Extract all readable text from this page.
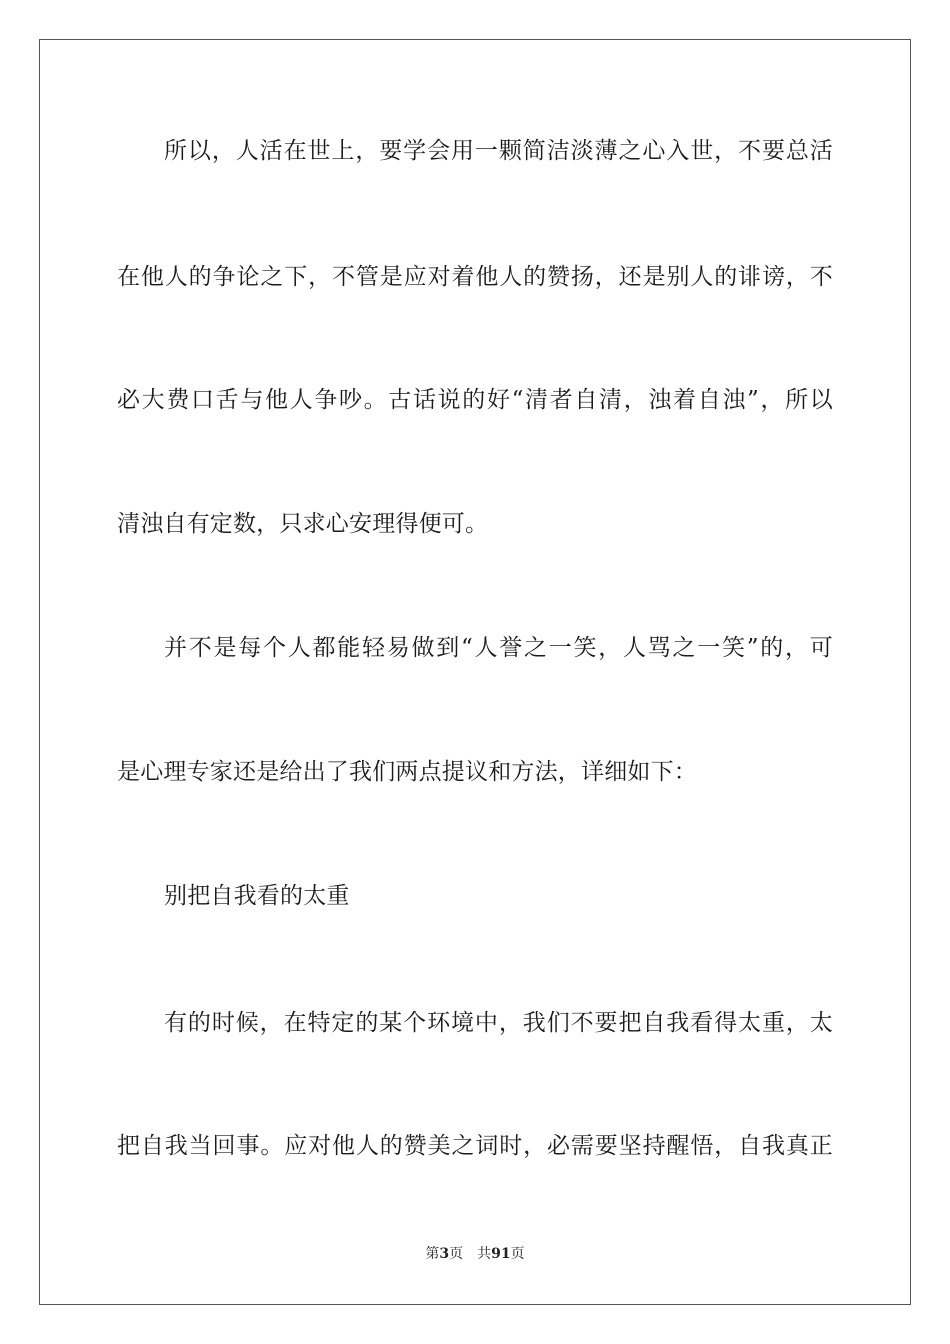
所以，人活在世上，要学会用一颗简洁淡薄之心入世，不要总活
在他人的争论之下，不管是应对着他人的赞扬，还是别人的诽谤，不
必大费口舌与他人争吵。古话说的好“清者自清，浊着自浊”，所以
清浊自有定数，只求心安理得便可。
并不是每个人都能轻易做到“人誉之一笑，人骂之一笑”的，可
是心理专家还是给出了我们两点提议和方法，详细如下：
别把自我看的太重
有的时候，在特定的某个环境中，我们不要把自我看得太重，太
把自我当回事。应对他人的赞美之词时，必需要坚持醒悟，自我真正
第3页 共91页
